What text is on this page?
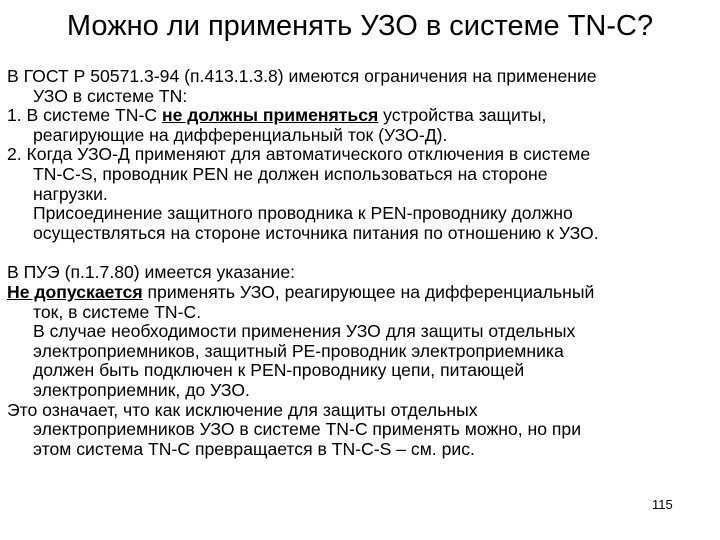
Можно ли применять УЗО в системе TN-C?
В ГОСТ Р 50571.3-94 (п.413.1.3.8) имеются ограничения на применение
УЗО в системе TN:
1. В системе TN-C не должны применяться устройства защиты,
реагирующие на дифференциальный ток (УЗО-Д).
2. Когда УЗО-Д применяют для автоматического отключения в системе
TN-C-S, проводник PEN не должен использоваться на стороне
нагрузки.
Присоединение защитного проводника к PEN-проводнику должно
осуществляться на стороне источника питания по отношению к УЗО.
В ПУЭ (п.1.7.80) имеется указание:
Не допускается применять УЗО, реагирующее на дифференциальный
ток, в системе TN-C.
В случае необходимости применения УЗО для защиты отдельных
электроприемников, защитный PE-проводник электроприемника
должен быть подключен к PEN-проводнику цепи, питающей
электроприемник, до УЗО.
Это означает, что как исключение для защиты отдельных
электроприемников УЗО в системе TN-C применять можно, но при
этом система TN-C превращается в TN-C-S – см. рис.
115
